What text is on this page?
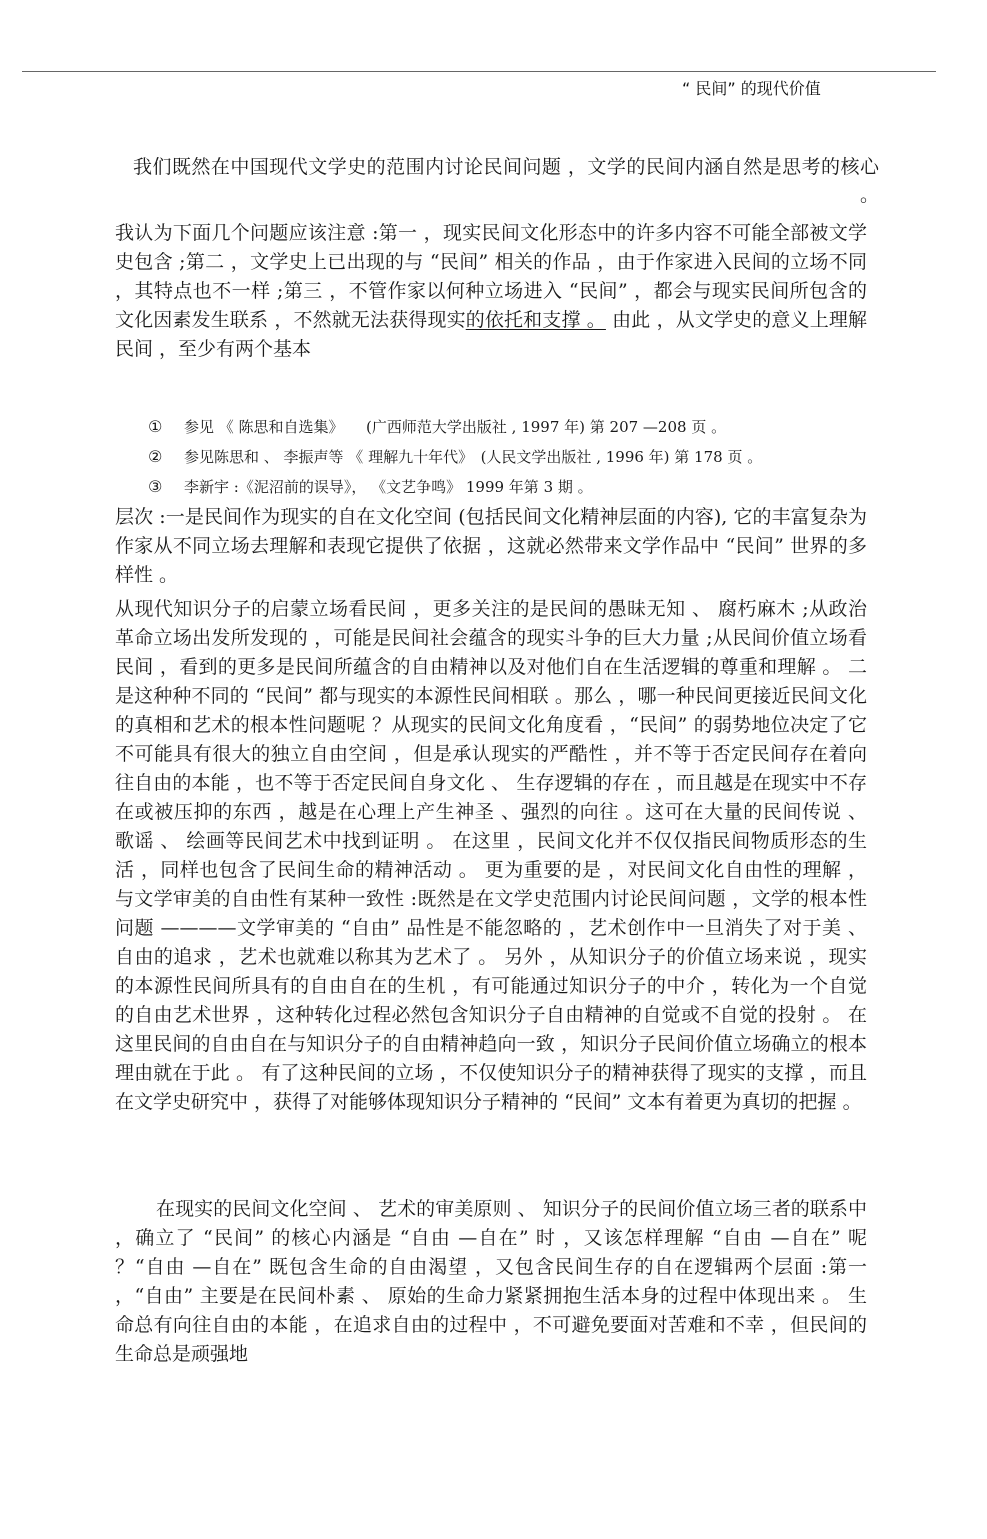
“ 民间” 的现代价值
我们既然在中国现代文学史的范围内讨论民间问题 ，文学的民间内涵自然是思考的核心 。

我认为下面几个问题应该注意 :第一 ，现实民间文化形态中的许多内容不可能全部被文学史包含 ;第二 ，文学史上已出现的与 “民间” 相关的作品 ，由于作家进入民间的立场不同 ，其特点也不一样 ;第三 ，不管作家以何种立场进入 “民间” ，都会与现实民间所包含的文化因素发生联系 ，不然就无法获得现实的依托和支撑 。 由此 ，从文学史的意义上理解民间 ，至少有两个基本

① 参见 《 陈思和自选集》　　(广西师范大学出版社 , 1997 年) 第 207 —208 页 。
② 参见陈思和 、 李振声等 《 理解九十年代》　(人民文学出版社 , 1996 年) 第 178 页 。
③ 李新宇 :《泥沼前的误导》， 《文艺争鸣》 1999 年第 3 期 。

层次 :一是民间作为现实的自在文化空间 (包括民间文化精神层面的内容), 它的丰富复杂为作家从不同立场去理解和表现它提供了依据 ，这就必然带来文学作品中 “民间” 世界的多样性 。

从现代知识分子的启蒙立场看民间 ，更多关注的是民间的愚昧无知 、 腐朽麻木 ;从政治革命立场出发所发现的 ，可能是民间社会蕴含的现实斗争的巨大力量 ;从民间价值立场看民间 ，看到的更多是民间所蕴含的自由精神以及对他们自在生活逻辑的尊重和理解 。 二是这种种不同的 “民间” 都与现实的本源性民间相联 。那么 ，哪一种民间更接近民间文化的真相和艺术的根本性问题呢 ？从现实的民间文化角度看 ，“民间” 的弱势地位决定了它不可能具有很大的独立自由空间 ，但是承认现实的严酷性 ，并不等于否定民间存在着向往自由的本能 ，也不等于否定民间自身文化 、 生存逻辑的存在 ，而且越是在现实中不存在或被压抑的东西 ，越是在心理上产生神圣 、强烈的向往 。这可在大量的民间传说 、 歌谣 、 绘画等民间艺术中找到证明 。 在这里 ，民间文化并不仅仅指民间物质形态的生活 ，同样也包含了民间生命的精神活动 。 更为重要的是 ，对民间文化自由性的理解 ，与文学审美的自由性有某种一致性 :既然是在文学史范围内讨论民间问题 ，文学的根本性问题 ————文学审美的 “自由” 品性是不能忽略的 ，艺术创作中一旦消失了对于美 、 自由的追求 ，艺术也就难以称其为艺术了 。 另外 ，从知识分子的价值立场来说 ，现实的本源性民间所具有的自由自在的生机 ，有可能通过知识分子的中介 ，转化为一个自觉的自由艺术世界 ，这种转化过程必然包含知识分子自由精神的自觉或不自觉的投射 。 在这里民间的自由自在与知识分子的自由精神趋向一致 ，知识分子民间价值立场确立的根本理由就在于此 。 有了这种民间的立场 ，不仅使知识分子的精神获得了现实的支撑 ，而且在文学史研究中 ，获得了对能够体现知识分子精神的 “民间” 文本有着更为真切的把握 。

在现实的民间文化空间 、 艺术的审美原则 、 知识分子的民间价值立场三者的联系中 ，确立了 “民间” 的核心内涵是 “自由 —自在” 时 ，又该怎样理解 “自由 —自在” 呢 ？“自由 —自在” 既包含生命的自由渴望 ，又包含民间生存的自在逻辑两个层面 :第一 ，“自由” 主要是在民间朴素 、 原始的生命力紧紧拥抱生活本身的过程中体现出来 。 生命总有向往自由的本能 ，在追求自由的过程中 ，不可避免要面对苦难和不幸 ，但民间的生命总是顽强地
